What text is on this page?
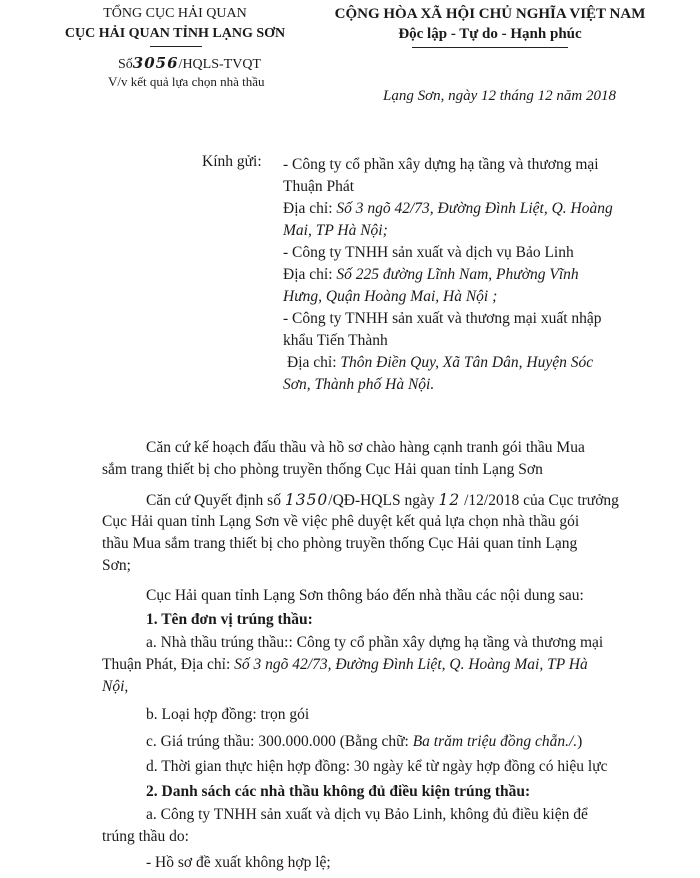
TỔNG CỤC HẢI QUAN
CỤC HẢI QUAN TỈNH LẠNG SƠN
Số3056/HQLS-TVQT
V/v kết quả lựa chọn nhà thầu
CỘNG HÒA XÃ HỘI CHỦ NGHĨA VIỆT NAM
Độc lập - Tự do - Hạnh phúc
Lạng Sơn, ngày 12 tháng 12 năm 2018
Kính gửi: - Công ty cổ phần xây dựng hạ tầng và thương mại
Thuận Phát
Địa chỉ: Số 3 ngõ 42/73, Đường Đình Liệt, Q. Hoàng
Mai, TP Hà Nội;
- Công ty TNHH sản xuất và dịch vụ Bảo Linh
Địa chỉ: Số 225 đường Lĩnh Nam, Phường Vĩnh
Hưng, Quận Hoàng Mai, Hà Nội ;
- Công ty TNHH sản xuất và thương mại xuất nhập
khẩu Tiến Thành
Địa chỉ: Thôn Điền Quy, Xã Tân Dân, Huyện Sóc
Sơn, Thành phố Hà Nội.
Căn cứ kế hoạch đấu thầu và hồ sơ chào hàng cạnh tranh gói thầu Mua
sắm trang thiết bị cho phòng truyền thống Cục Hải quan tỉnh Lạng Sơn
Căn cứ Quyết định số 1350/QĐ-HQLS ngày 12 /12/2018 của Cục trưởng
Cục Hải quan tỉnh Lạng Sơn về việc phê duyệt kết quả lựa chọn nhà thầu gói
thầu Mua sắm trang thiết bị cho phòng truyền thống Cục Hải quan tỉnh Lạng
Sơn;
Cục Hải quan tỉnh Lạng Sơn thông báo đến nhà thầu các nội dung sau:
1. Tên đơn vị trúng thầu:
a. Nhà thầu trúng thầu:: Công ty cổ phần xây dựng hạ tầng và thương mại
Thuận Phát, Địa chỉ: Số 3 ngõ 42/73, Đường Đình Liệt, Q. Hoàng Mai, TP Hà
Nội,
b. Loại hợp đồng: trọn gói
c. Giá trúng thầu: 300.000.000 (Bằng chữ: Ba trăm triệu đồng chẵn./.)
d. Thời gian thực hiện hợp đồng: 30 ngày kể từ ngày hợp đồng có hiệu lực
2. Danh sách các nhà thầu không đủ điều kiện trúng thầu:
a. Công ty TNHH sản xuất và dịch vụ Bảo Linh, không đủ điều kiện để
trúng thầu do:
- Hồ sơ đề xuất không hợp lệ;
